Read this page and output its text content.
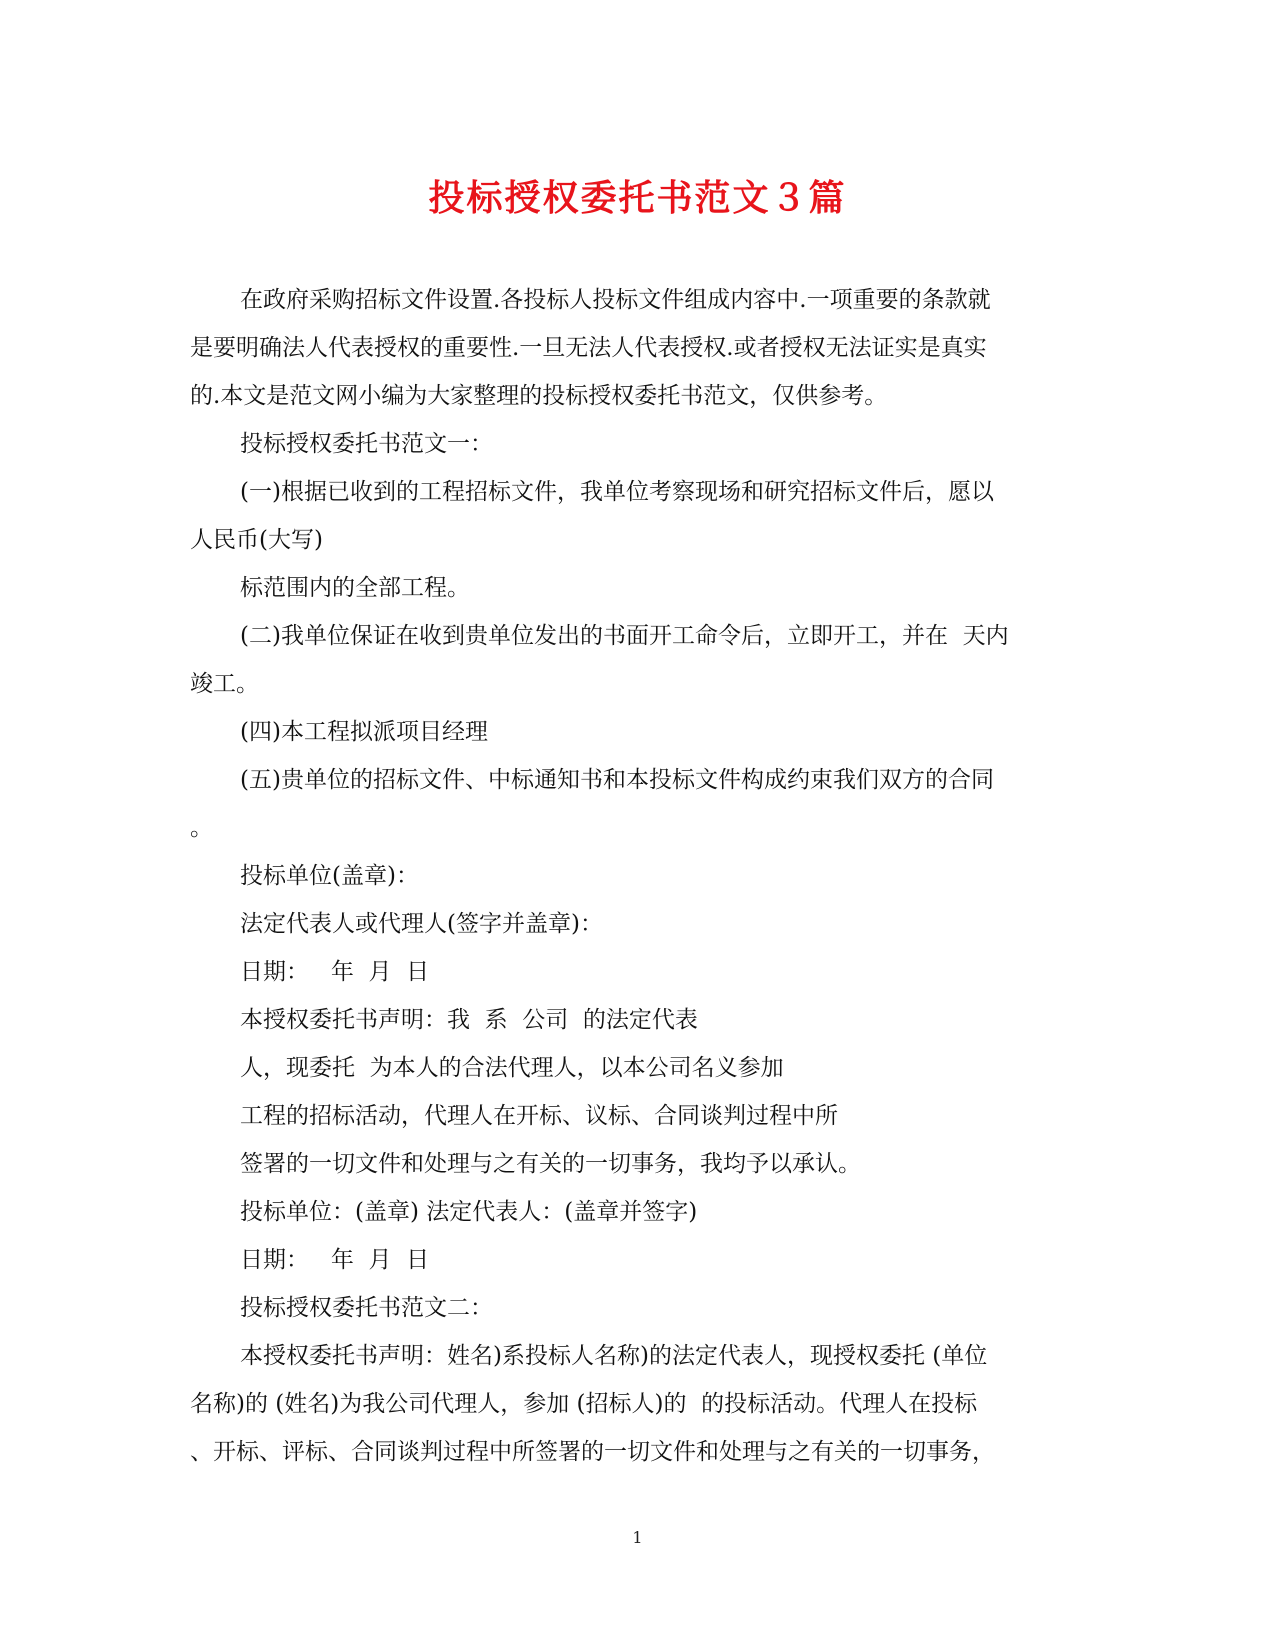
投标授权委托书范文３篇
在政府采购招标文件设置.各投标人投标文件组成内容中.一项重要的条款就
是要明确法人代表授权的重要性.一旦无法人代表授权.或者授权无法证实是真实
的.本文是范文网小编为大家整理的投标授权委托书范文，仅供参考。
投标授权委托书范文一：
(一)根据已收到的工程招标文件，我单位考察现场和研究招标文件后，愿以
人民币(大写)
标范围内的全部工程。
(二)我单位保证在收到贵单位发出的书面开工命令后，立即开工，并在  天内
竣工。
(四)本工程拟派项目经理
(五)贵单位的招标文件、中标通知书和本投标文件构成约束我们双方的合同
。
投标单位(盖章)：
法定代表人或代理人(签字并盖章)：
日期：   年  月  日
本授权委托书声明：我  系  公司  的法定代表
人，现委托  为本人的合法代理人，以本公司名义参加
工程的招标活动，代理人在开标、议标、合同谈判过程中所
签署的一切文件和处理与之有关的一切事务，我均予以承认。
投标单位：(盖章) 法定代表人：(盖章并签字)
日期：   年  月  日
投标授权委托书范文二：
本授权委托书声明：姓名)系投标人名称)的法定代表人，现授权委托 (单位
名称)的 (姓名)为我公司代理人，参加 (招标人)的  的投标活动。代理人在投标
、开标、评标、合同谈判过程中所签署的一切文件和处理与之有关的一切事务，
1
